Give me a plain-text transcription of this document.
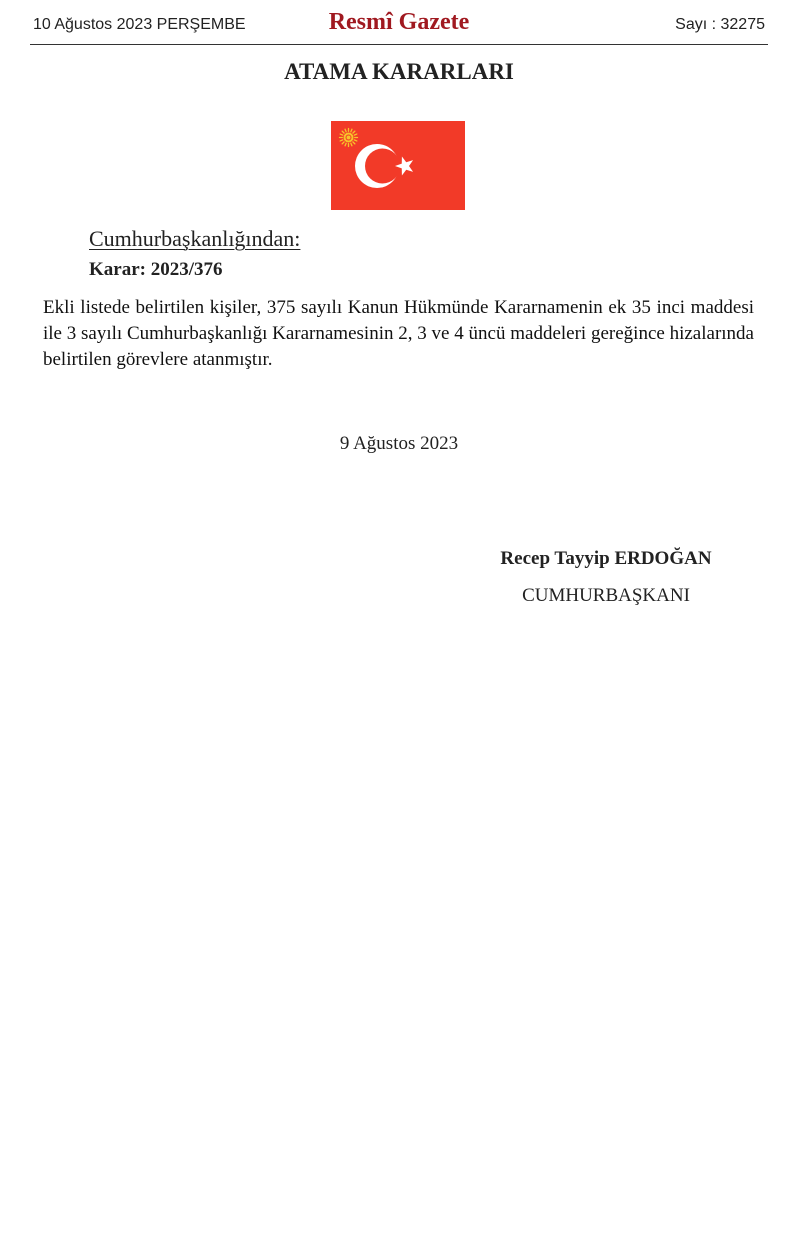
10 Ağustos 2023 PERŞEMBE	Resmî Gazete	Sayı : 32275
ATAMA KARARLARI
Cumhurbaşkanlığından:
Karar: 2023/376
Ekli listede belirtilen kişiler, 375 sayılı Kanun Hükmünde Kararnamenin ek 35 inci maddesi ile 3 sayılı Cumhurbaşkanlığı Kararnamesinin 2, 3 ve 4 üncü maddeleri gereğince hizalarında belirtilen görevlere atanmıştır.
9 Ağustos 2023
Recep Tayyip ERDOĞAN
CUMHURBAŞKANI
